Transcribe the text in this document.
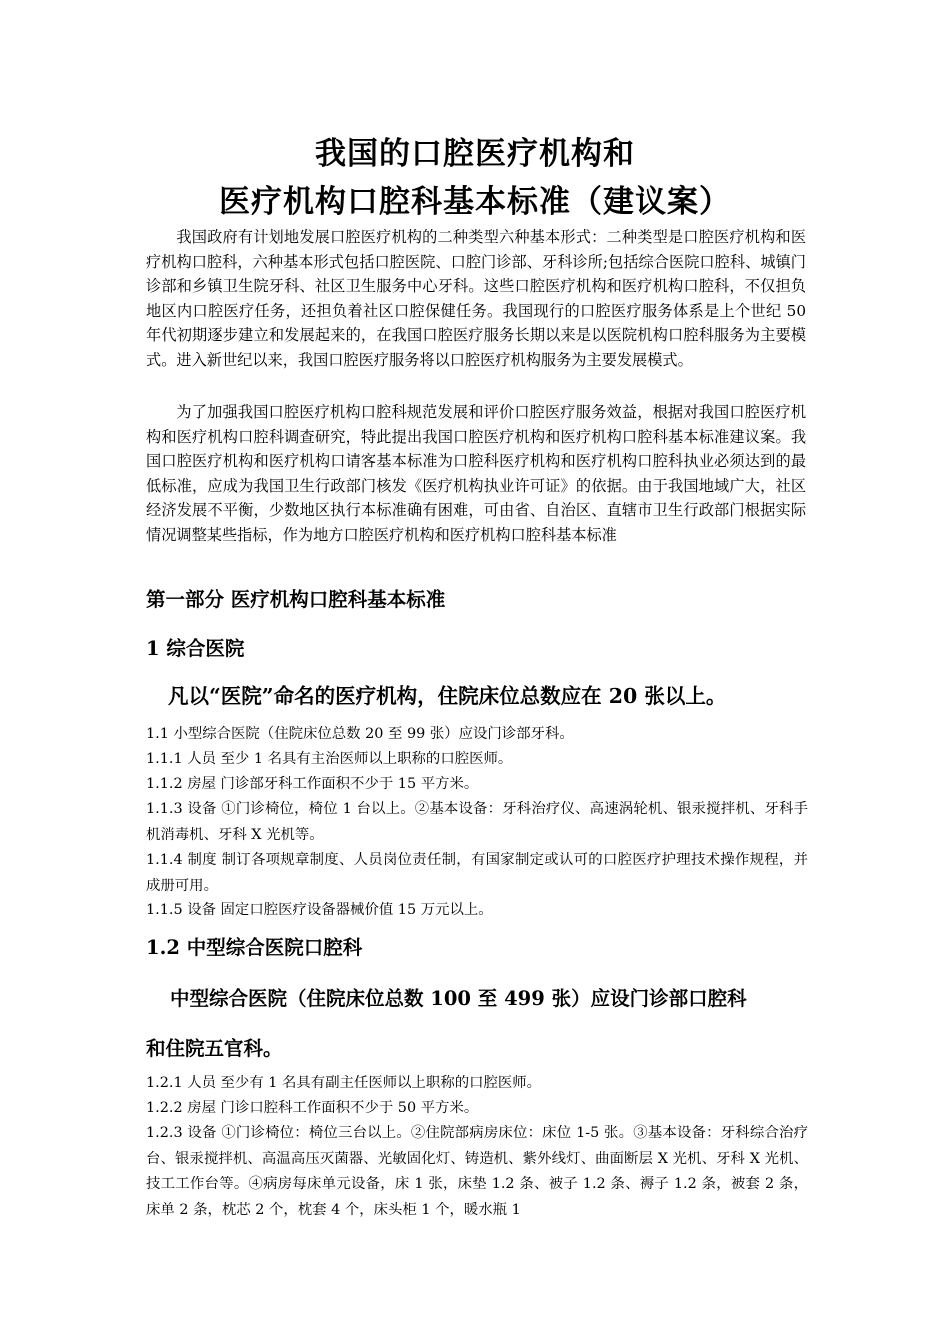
我国的口腔医疗机构和
医疗机构口腔科基本标准（建议案）
我国政府有计划地发展口腔医疗机构的二种类型六种基本形式：二种类型是口腔医疗机构和医疗机构口腔科，六种基本形式包括口腔医院、口腔门诊部、牙科诊所;包括综合医院口腔科、城镇门诊部和乡镇卫生院牙科、社区卫生服务中心牙科。这些口腔医疗机构和医疗机构口腔科，不仅担负地区内口腔医疗任务，还担负着社区口腔保健任务。我国现行的口腔医疗服务体系是上个世纪 50 年代初期逐步建立和发展起来的，在我国口腔医疗服务长期以来是以医院机构口腔科服务为主要模式。进入新世纪以来，我国口腔医疗服务将以口腔医疗机构服务为主要发展模式。
为了加强我国口腔医疗机构口腔科规范发展和评价口腔医疗服务效益，根据对我国口腔医疗机构和医疗机构口腔科调查研究，特此提出我国口腔医疗机构和医疗机构口腔科基本标准建议案。我国口腔医疗机构和医疗机构口请客基本标准为口腔科医疗机构和医疗机构口腔科执业必须达到的最低标准，应成为我国卫生行政部门核发《医疗机构执业许可证》的依据。由于我国地域广大，社区经济发展不平衡，少数地区执行本标准确有困难，可由省、自治区、直辖市卫生行政部门根据实际情况调整某些指标，作为地方口腔医疗机构和医疗机构口腔科基本标准
第一部分 医疗机构口腔科基本标准
1 综合医院
凡以“医院”命名的医疗机构，住院床位总数应在 20 张以上。
1.1 小型综合医院（住院床位总数 20 至 99 张）应设门诊部牙科。
1.1.1 人员 至少 1 名具有主治医师以上职称的口腔医师。
1.1.2 房屋 门诊部牙科工作面积不少于 15 平方米。
1.1.3 设备 ①门诊椅位，椅位 1 台以上。②基本设备：牙科治疗仪、高速涡轮机、银汞搅拌机、牙科手机消毒机、牙科 X 光机等。
1.1.4 制度 制订各项规章制度、人员岗位责任制，有国家制定或认可的口腔医疗护理技术操作规程，并成册可用。
1.1.5 设备 固定口腔医疗设备器械价值 15 万元以上。
1.2 中型综合医院口腔科
中型综合医院（住院床位总数 100 至 499 张）应设门诊部口腔科
和住院五官科。
1.2.1 人员 至少有 1 名具有副主任医师以上职称的口腔医师。
1.2.2 房屋 门诊口腔科工作面积不少于 50 平方米。
1.2.3 设备 ①门诊椅位：椅位三台以上。②住院部病房床位：床位 1-5 张。③基本设备：牙科综合治疗台、银汞搅拌机、高温高压灭菌器、光敏固化灯、铸造机、紫外线灯、曲面断层 X 光机、牙科 X 光机、技工工作台等。④病房每床单元设备，床 1 张，床垫 1.2 条、被子 1.2 条、褥子 1.2 条，被套 2 条，床单 2 条，枕芯 2 个，枕套 4 个，床头柜 1 个，暖水瓶 1
